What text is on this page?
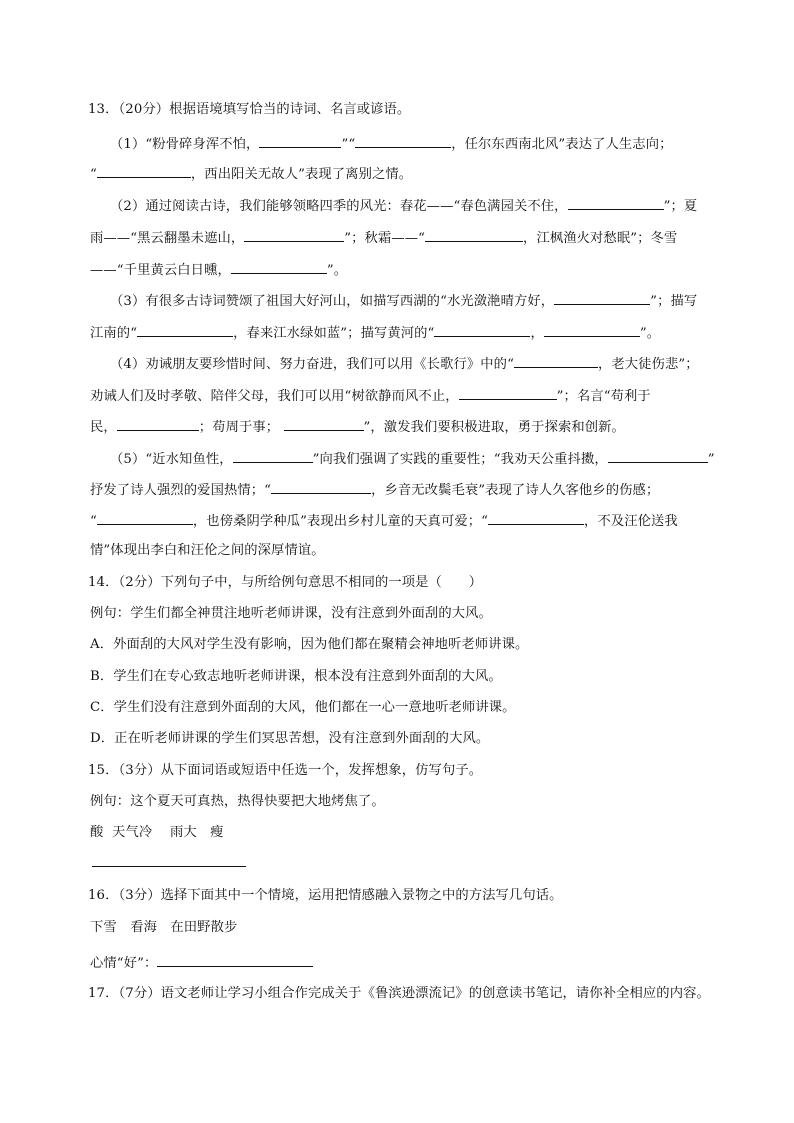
13．（20分）根据语境填写恰当的诗词、名言或谚语。
（1）“粉骨碎身浑不怕，	”“	，任尔东西南北风”表达了人生志向；
“	，西出阳关无故人”表现了离别之情。
（2）通过阅读古诗，我们能够领略四季的风光：春花——“春色满园关不住，	”；夏
雨——“黑云翻墨未遮山，	”；秋霜——“	，江枫渔火对愁眠”；冬雪
——“千里黄云白日曛，	”。
（3）有很多古诗词赞颂了祖国大好河山，如描写西湖的“水光潋滟晴方好，	”；描写
江南的“	，春来江水绿如蓝”；描写黄河的“	，	”。
（4）劝诫朋友要珍惜时间、努力奋进，我们可以用《长歌行》中的“	，老大徒伤悲”；
劝诫人们及时孝敬、陪伴父母，我们可以用“树欲静而风不止，	”；名言“苟利于
民，	；苟周于事；	”，激发我们要积极进取，勇于探索和创新。
（5）“近水知鱼性，	”向我们强调了实践的重要性；“我劝天公重抖擞，	”
抒发了诗人强烈的爱国热情；“	，乡音无改鬓毛衰”表现了诗人久客他乡的伤感；
“	，也傍桑阴学种瓜”表现出乡村儿童的天真可爱；“	，不及汪伦送我
情”体现出李白和汪伦之间的深厚情谊。
14．（2分）下列句子中，与所给例句意思不相同的一项是（　　）
例句：学生们都全神贯注地听老师讲课，没有注意到外面刮的大风。
A．外面刮的大风对学生没有影响，因为他们都在聚精会神地听老师讲课。
B．学生们在专心致志地听老师讲课，根本没有注意到外面刮的大风。
C．学生们没有注意到外面刮的大风，他们都在一心一意地听老师讲课。
D．正在听老师讲课的学生们冥思苦想，没有注意到外面刮的大风。
15．（3分）从下面词语或短语中任选一个，发挥想象，仿写句子。
例句：这个夏天可真热，热得快要把大地烤焦了。
酸  天气冷　 雨大　瘦
16．（3分）选择下面其中一个情境，运用把情感融入景物之中的方法写几句话。
下雪　看海　在田野散步
心情“好”：
17．（7分）语文老师让学习小组合作完成关于《鲁滨逊漂流记》的创意读书笔记，请你补全相应的内容。
